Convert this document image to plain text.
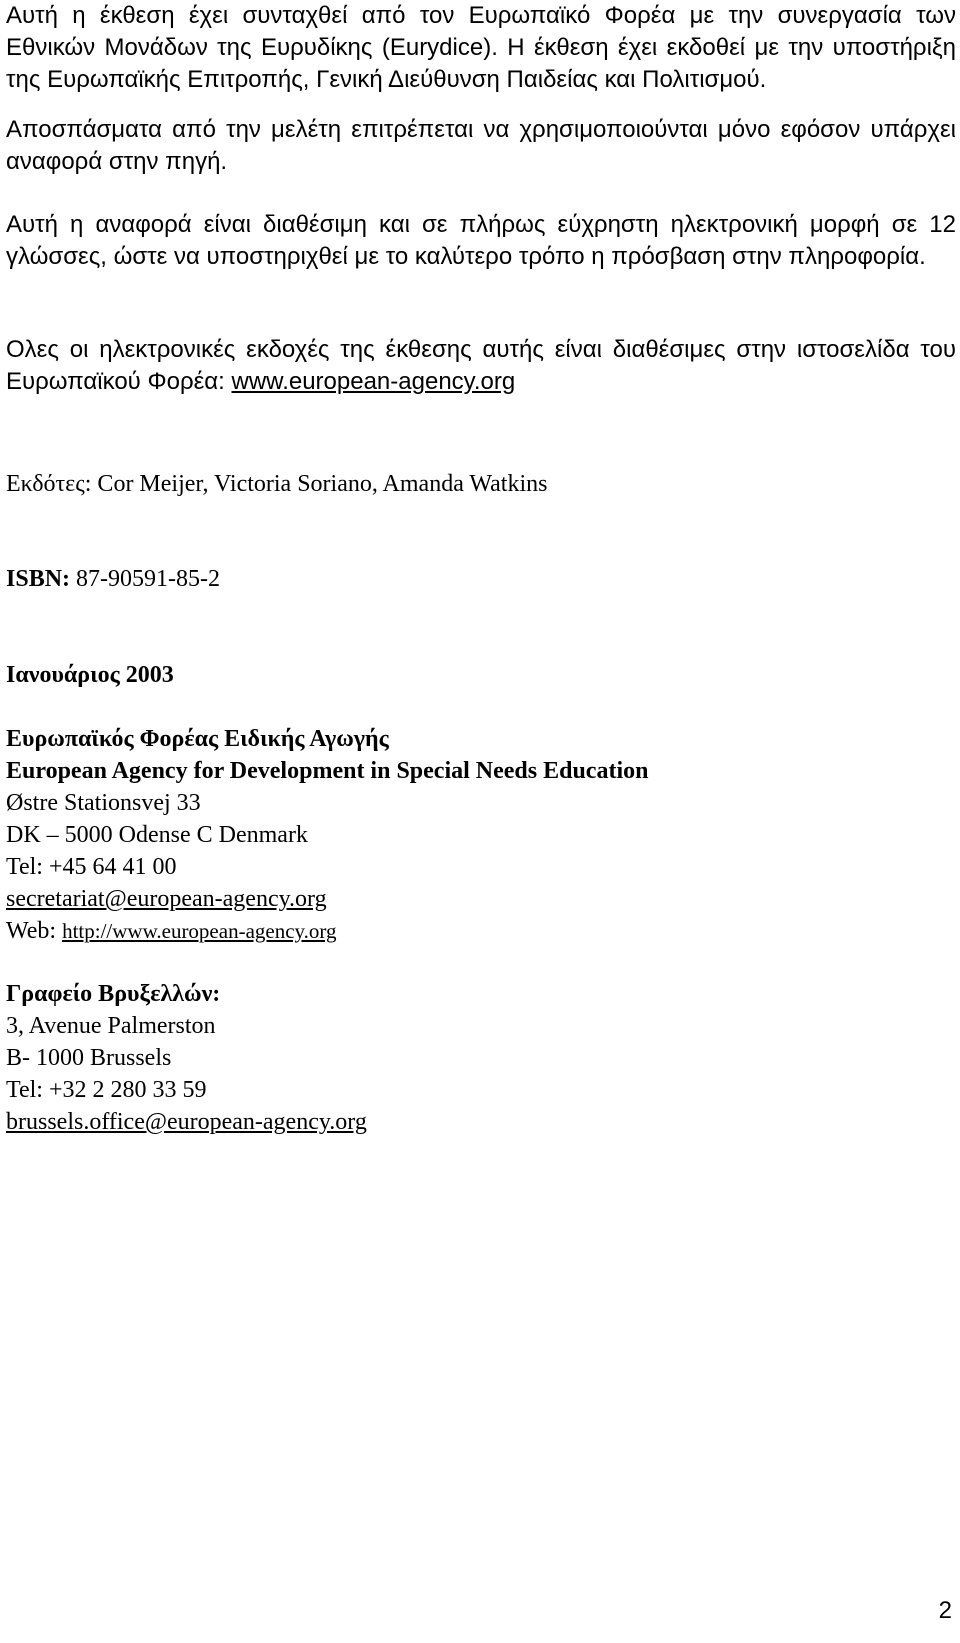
Αυτή η έκθεση έχει συνταχθεί από τον Ευρωπαϊκό Φορέα με την συνεργασία των Εθνικών Μονάδων της Ευρυδίκης (Eurydice). Η έκθεση έχει εκδοθεί με την υποστήριξη της Ευρωπαϊκής Επιτροπής, Γενική Διεύθυνση Παιδείας και Πολιτισμού.
Αποσπάσματα από την μελέτη επιτρέπεται να χρησιμοποιούνται μόνο εφόσον υπάρχει αναφορά στην πηγή.
Αυτή η αναφορά είναι διαθέσιμη και σε πλήρως εύχρηστη ηλεκτρονική μορφή σε 12 γλώσσες, ώστε να υποστηριχθεί με το καλύτερο τρόπο η πρόσβαση στην πληροφορία.
Ολες οι ηλεκτρονικές εκδοχές της έκθεσης αυτής είναι διαθέσιμες στην ιστοσελίδα του Ευρωπαϊκού Φορέα: www.european-agency.org
Εκδότες: Cor Meijer, Victoria Soriano, Amanda Watkins
ISBN: 87-90591-85-2
Ιανουάριος 2003
Ευρωπαϊκός Φορέας Ειδικής Αγωγής
European Agency for Development in Special Needs Education
Østre Stationsvej 33
DK – 5000 Odense C Denmark
Tel: +45 64 41 00
secretariat@european-agency.org
Web: http://www.european-agency.org
Γραφείο Βρυξελλών:
3, Avenue Palmerston
B- 1000 Brussels
Tel: +32 2 280 33 59
brussels.office@european-agency.org
2
